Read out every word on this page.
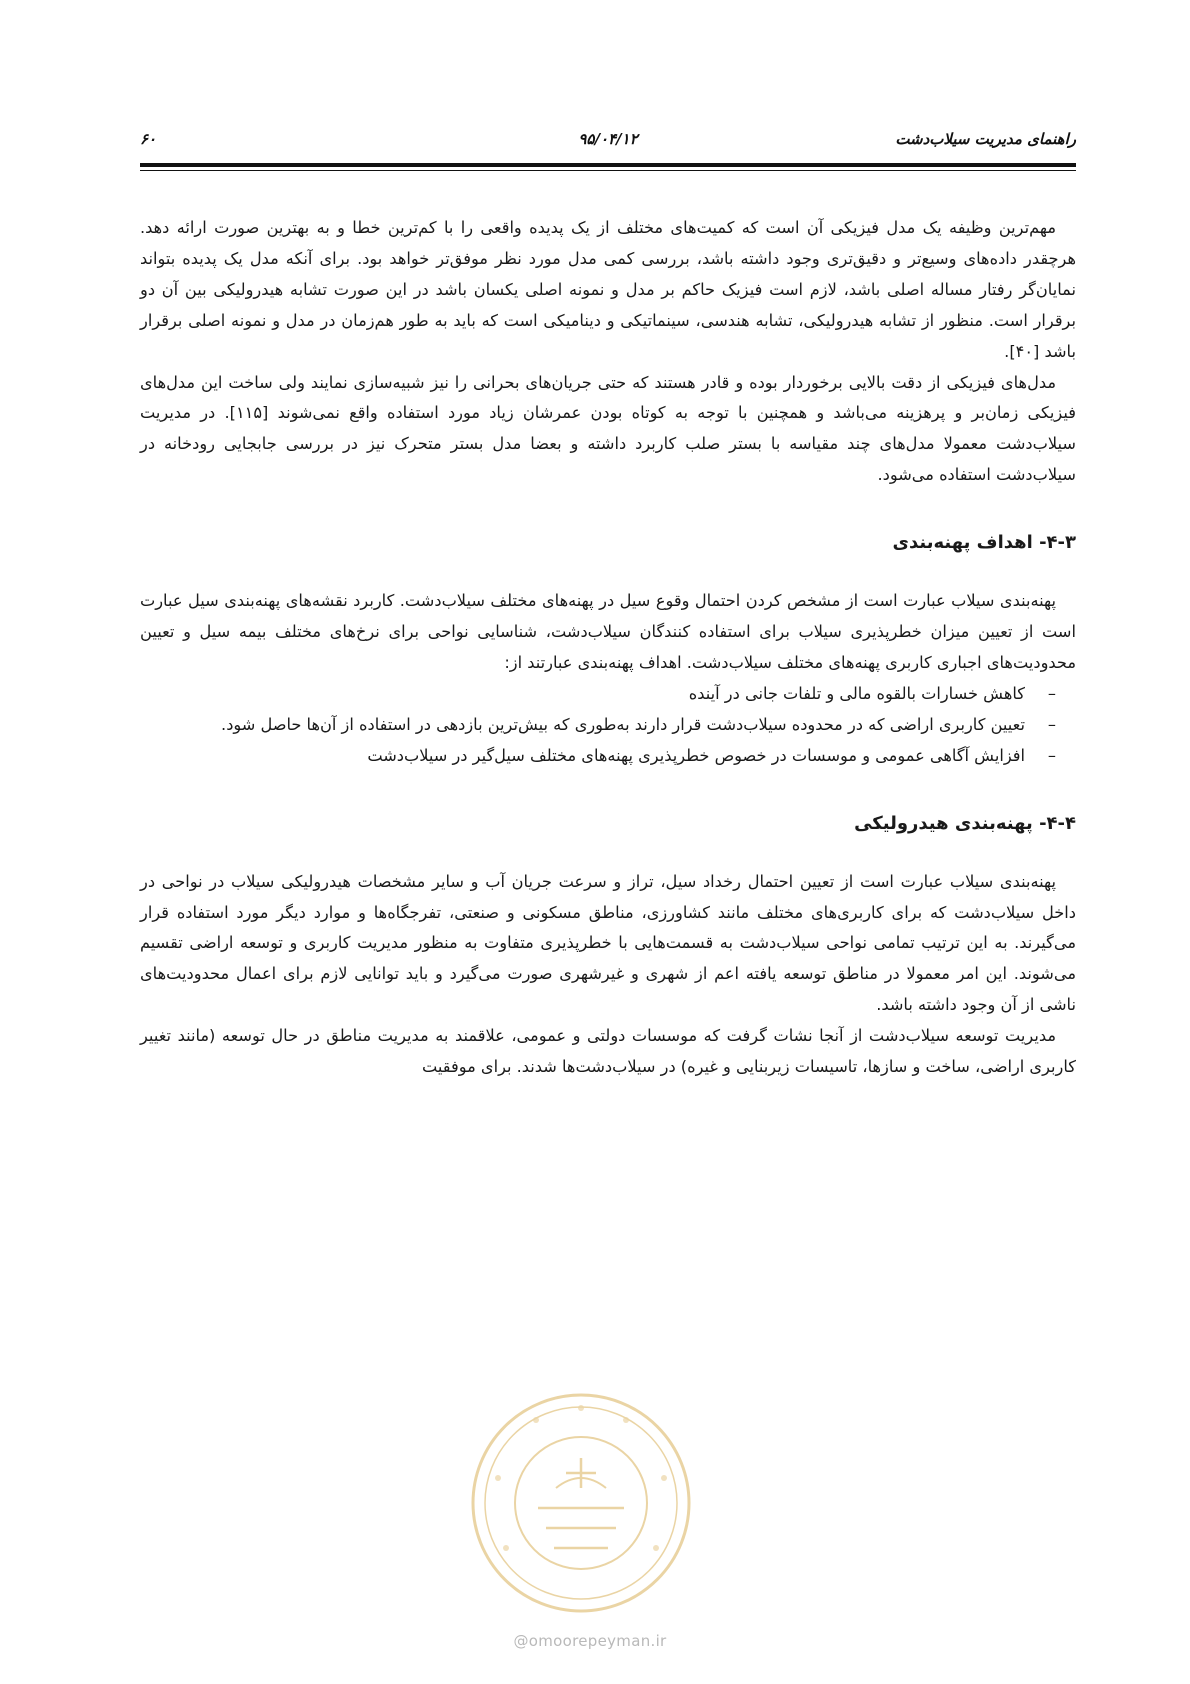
راهنمای مدیریت سیلاب‌دشت
۹۵/۰۴/۱۲
۶۰

مهم‌ترین وظیفه یک مدل فیزیکی آن است که کمیت‌های مختلف از یک پدیده واقعی را با کم‌ترین خطا و به بهترین صورت ارائه دهد. هرچقدر داده‌های وسیع‌تر و دقیق‌تری وجود داشته باشد، بررسی کمی مدل مورد نظر موفق‌تر خواهد بود. برای آنکه مدل یک پدیده بتواند نمایان‌گر رفتار مساله اصلی باشد، لازم است فیزیک حاکم بر مدل و نمونه اصلی یکسان باشد در این صورت تشابه هیدرولیکی بین آن دو برقرار است. منظور از تشابه هیدرولیکی، تشابه هندسی، سینماتیکی و دینامیکی است که باید به طور هم‌زمان در مدل و نمونه اصلی برقرار باشد [۴۰].

مدل‌های فیزیکی از دقت بالایی برخوردار بوده و قادر هستند که حتی جریان‌های بحرانی را نیز شبیه‌سازی نمایند ولی ساخت این مدل‌های فیزیکی زمان‌بر و پرهزینه می‌باشد و همچنین با توجه به کوتاه بودن عمرشان زیاد مورد استفاده واقع نمی‌شوند [۱۱۵]. در مدیریت سیلاب‌دشت معمولا مدل‌های چند مقیاسه با بستر صلب کاربرد داشته و بعضا مدل بستر متحرک نیز در بررسی جابجایی رودخانه در سیلاب‌دشت استفاده می‌شود.

۴-۳- اهداف پهنه‌بندی

پهنه‌بندی سیلاب عبارت است از مشخص کردن احتمال وقوع سیل در پهنه‌های مختلف سیلاب‌دشت. کاربرد نقشه‌های پهنه‌بندی سیل عبارت است از تعیین میزان خطرپذیری سیلاب برای استفاده کنندگان سیلاب‌دشت، شناسایی نواحی برای نرخ‌های مختلف بیمه سیل و تعیین محدودیت‌های اجباری کاربری پهنه‌های مختلف سیلاب‌دشت. اهداف پهنه‌بندی عبارتند از:

–
کاهش خسارات بالقوه مالی و تلفات جانی در آینده
–
تعیین کاربری اراضی که در محدوده سیلاب‌دشت قرار دارند به‌طوری که بیش‌ترین بازدهی در استفاده از آن‌ها حاصل شود.
–
افزایش آگاهی عمومی و موسسات در خصوص خطرپذیری پهنه‌های مختلف سیل‌گیر در سیلاب‌دشت
۴-۴- پهنه‌بندی هیدرولیکی

پهنه‌بندی سیلاب عبارت است از تعیین احتمال رخداد سیل، تراز و سرعت جریان آب و سایر مشخصات هیدرولیکی سیلاب در نواحی در داخل سیلاب‌دشت که برای کاربری‌های مختلف مانند کشاورزی، مناطق مسکونی و صنعتی، تفرجگاه‌ها و موارد دیگر مورد استفاده قرار می‌گیرند. به این ترتیب تمامی نواحی سیلاب‌دشت به قسمت‌هایی با خطرپذیری متفاوت به منظور مدیریت کاربری و توسعه اراضی تقسیم می‌شوند. این امر معمولا در مناطق توسعه یافته اعم از شهری و غیرشهری صورت می‌گیرد و باید توانایی لازم برای اعمال محدودیت‌های ناشی از آن وجود داشته باشد.

مدیریت توسعه سیلاب‌دشت از آنجا نشات گرفت که موسسات دولتی و عمومی، علاقمند به مدیریت مناطق در حال توسعه (مانند تغییر کاربری اراضی، ساخت و سازها، تاسیسات زیربنایی و غیره) در سیلاب‌دشت‌ها شدند. برای موفقیت

@omoorepeyman.ir
